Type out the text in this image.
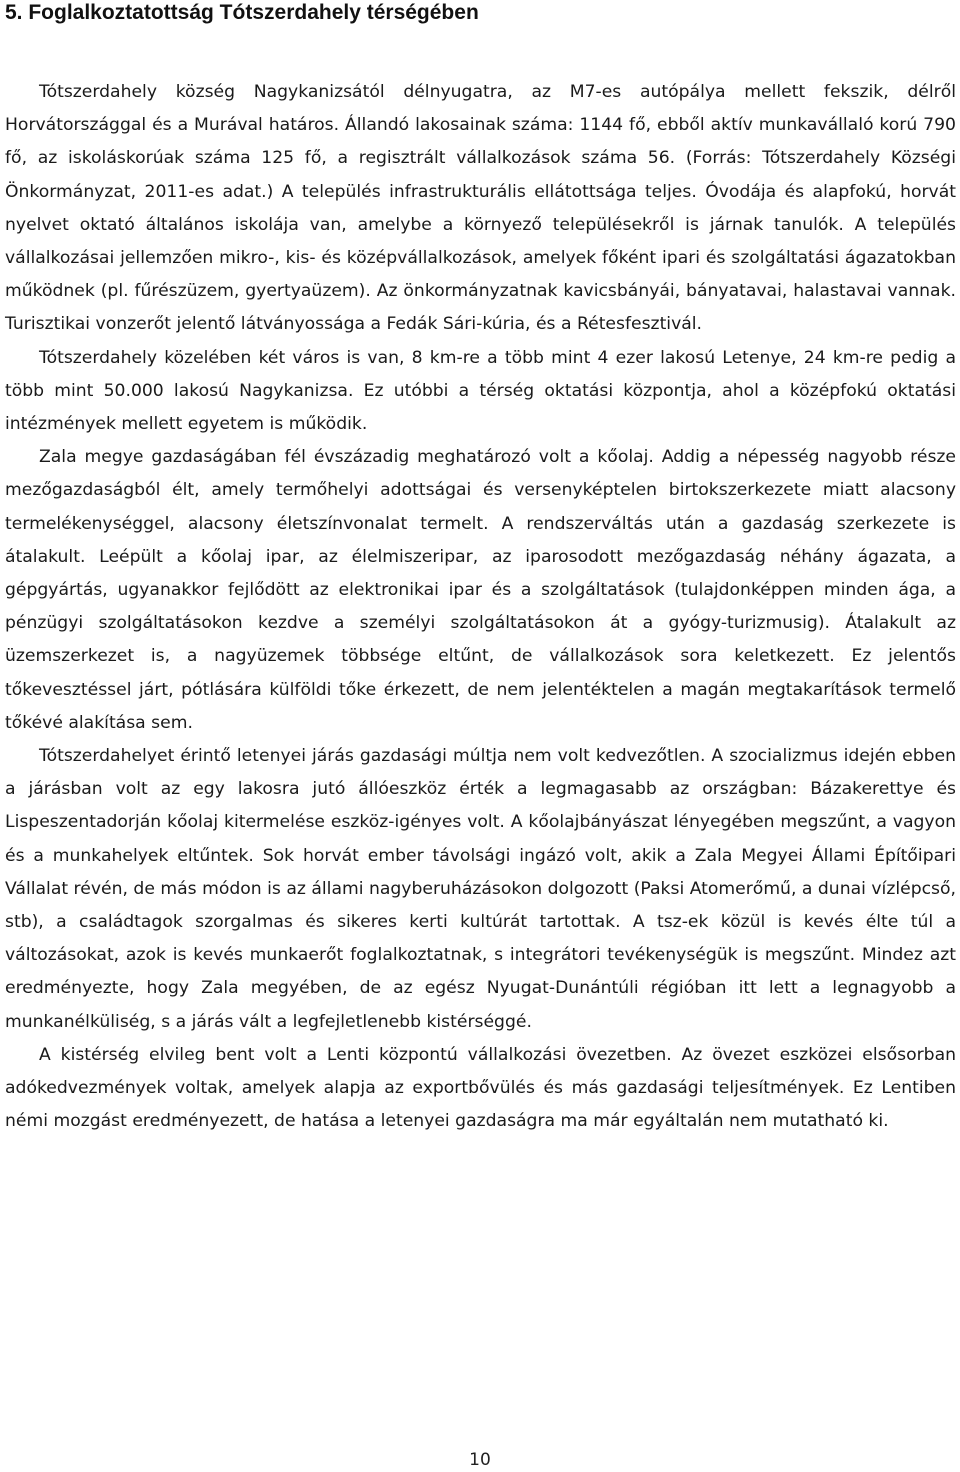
5. Foglalkoztatottság Tótszerdahely térségében

Tótszerdahely község Nagykanizsától délnyugatra, az M7-es autópálya mellett fekszik, délről Horvátországgal és a Murával határos. Állandó lakosainak száma: 1144 fő, ebből aktív munkavállaló korú 790 fő, az iskoláskorúak száma 125 fő, a regisztrált vállalkozások száma 56. (Forrás: Tótszerdahely Községi Önkormányzat, 2011-es adat.) A település infrastrukturális ellátottsága teljes. Óvodája és alapfokú, horvát nyelvet oktató általános iskolája van, amelybe a környező településekről is járnak tanulók. A település vállalkozásai jellemzően mikro-, kis- és középvállalkozások, amelyek főként ipari és szolgáltatási ágazatokban működnek (pl. fűrészüzem, gyertyaüzem). Az önkormányzatnak kavicsbányái, bányatavai, halastavai vannak. Turisztikai vonzerőt jelentő látványossága a Fedák Sári-kúria, és a Rétesfesztivál.

Tótszerdahely közelében két város is van, 8 km-re a több mint 4 ezer lakosú Letenye, 24 km-re pedig a több mint 50.000 lakosú Nagykanizsa. Ez utóbbi a térség oktatási központja, ahol a középfokú oktatási intézmények mellett egyetem is működik.

Zala megye gazdaságában fél évszázadig meghatározó volt a kőolaj. Addig a népesség nagyobb része mezőgazdaságból élt, amely termőhelyi adottságai és versenyképtelen birtokszerkezete miatt alacsony termelékenységgel, alacsony életszínvonalat termelt. A rendszerváltás után a gazdaság szerkezete is átalakult. Leépült a kőolaj ipar, az élelmiszeripar, az iparosodott mezőgazdaság néhány ágazata, a gépgyártás, ugyanakkor fejlődött az elektronikai ipar és a szolgáltatások (tulajdonképpen minden ága, a pénzügyi szolgáltatásokon kezdve a személyi szolgáltatásokon át a gyógy-turizmusig). Átalakult az üzemszerkezet is, a nagyüzemek többsége eltűnt, de vállalkozások sora keletkezett. Ez jelentős tőkevesztéssel járt, pótlására külföldi tőke érkezett, de nem jelentéktelen a magán megtakarítások termelő tőkévé alakítása sem.

Tótszerdahelyet érintő letenyei járás gazdasági múltja nem volt kedvezőtlen. A szocializmus idején ebben a járásban volt az egy lakosra jutó állóeszköz érték a legmagasabb az országban: Bázakerettye és Lispeszentadorján kőolaj kitermelése eszköz-igényes volt. A kőolajbányászat lényegében megszűnt, a vagyon és a munkahelyek eltűntek. Sok horvát ember távolsági ingázó volt, akik a Zala Megyei Állami Építőipari Vállalat révén, de más módon is az állami nagyberuházásokon dolgozott (Paksi Atomerőmű, a dunai vízlépcső, stb), a családtagok szorgalmas és sikeres kerti kultúrát tartottak. A tsz-ek közül is kevés élte túl a változásokat, azok is kevés munkaerőt foglalkoztatnak, s integrátori tevékenységük is megszűnt. Mindez azt eredményezte, hogy Zala megyében, de az egész Nyugat-Dunántúli régióban itt lett a legnagyobb a munkanélküliség, s a járás vált a legfejletlenebb kistérséggé.

A kistérség elvileg bent volt a Lenti központú vállalkozási övezetben. Az övezet eszközei elsősorban adókedvezmények voltak, amelyek alapja az exportbővülés és más gazdasági teljesítmények. Ez Lentiben némi mozgást eredményezett, de hatása a letenyei gazdaságra ma már egyáltalán nem mutatható ki.

10
